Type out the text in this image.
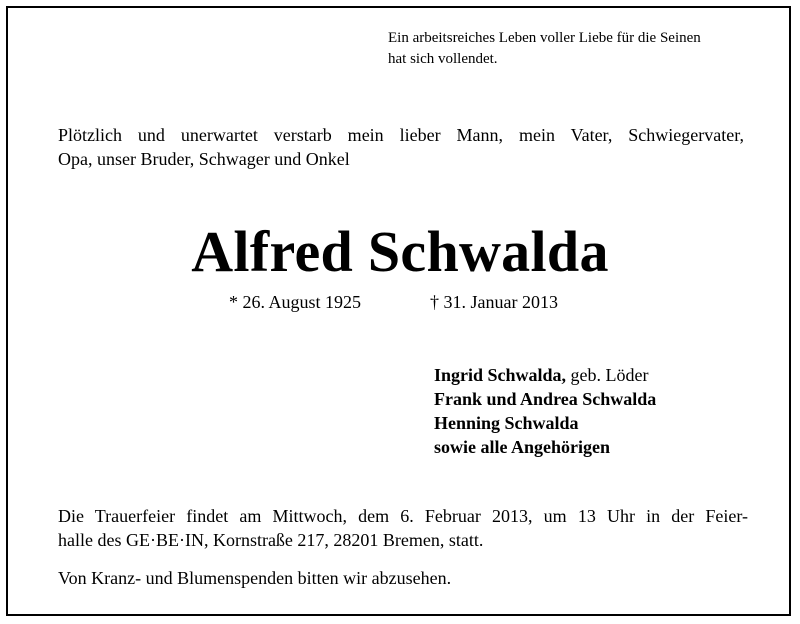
Ein arbeitsreiches Leben voller Liebe für die Seinen
hat sich vollendet.
Plötzlich und unerwartet verstarb mein lieber Mann, mein Vater, Schwiegervater,
Opa, unser Bruder, Schwager und Onkel
Alfred Schwalda
* 26. August 1925	† 31. Januar 2013
Ingrid Schwalda, geb. Löder
Frank und Andrea Schwalda
Henning Schwalda
sowie alle Angehörigen
Die Trauerfeier findet am Mittwoch, dem 6. Februar 2013, um 13 Uhr in der Feier-
halle des GE·BE·IN, Kornstraße 217, 28201 Bremen, statt.
Von Kranz- und Blumenspenden bitten wir abzusehen.
